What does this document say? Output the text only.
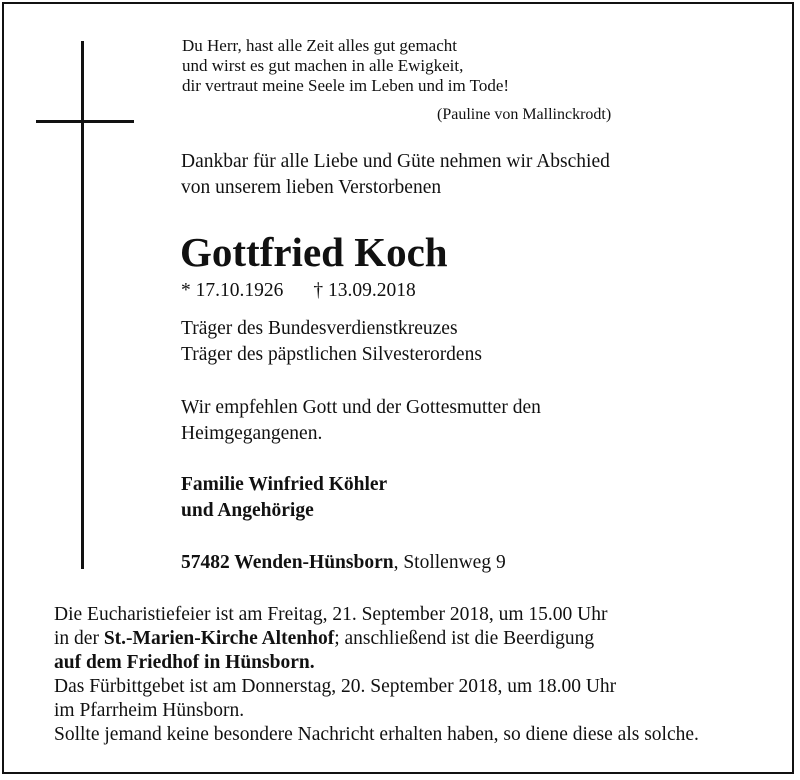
Du Herr, hast alle Zeit alles gut gemacht
und wirst es gut machen in alle Ewigkeit,
dir vertraut meine Seele im Leben und im Tode!
(Pauline von Mallinckrodt)
Dankbar für alle Liebe und Güte nehmen wir Abschied
von unserem lieben Verstorbenen
Gottfried Koch
* 17.10.1926 † 13.09.2018
Träger des Bundesverdienstkreuzes
Träger des päpstlichen Silvesterordens
Wir empfehlen Gott und der Gottesmutter den
Heimgegangenen.
Familie Winfried Köhler
und Angehörige
57482 Wenden-Hünsborn, Stollenweg 9
Die Eucharistiefeier ist am Freitag, 21. September 2018, um 15.00 Uhr
in der St.-Marien-Kirche Altenhof; anschließend ist die Beerdigung
auf dem Friedhof in Hünsborn.
Das Fürbittgebet ist am Donnerstag, 20. September 2018, um 18.00 Uhr
im Pfarrheim Hünsborn.
Sollte jemand keine besondere Nachricht erhalten haben, so diene diese als solche.
